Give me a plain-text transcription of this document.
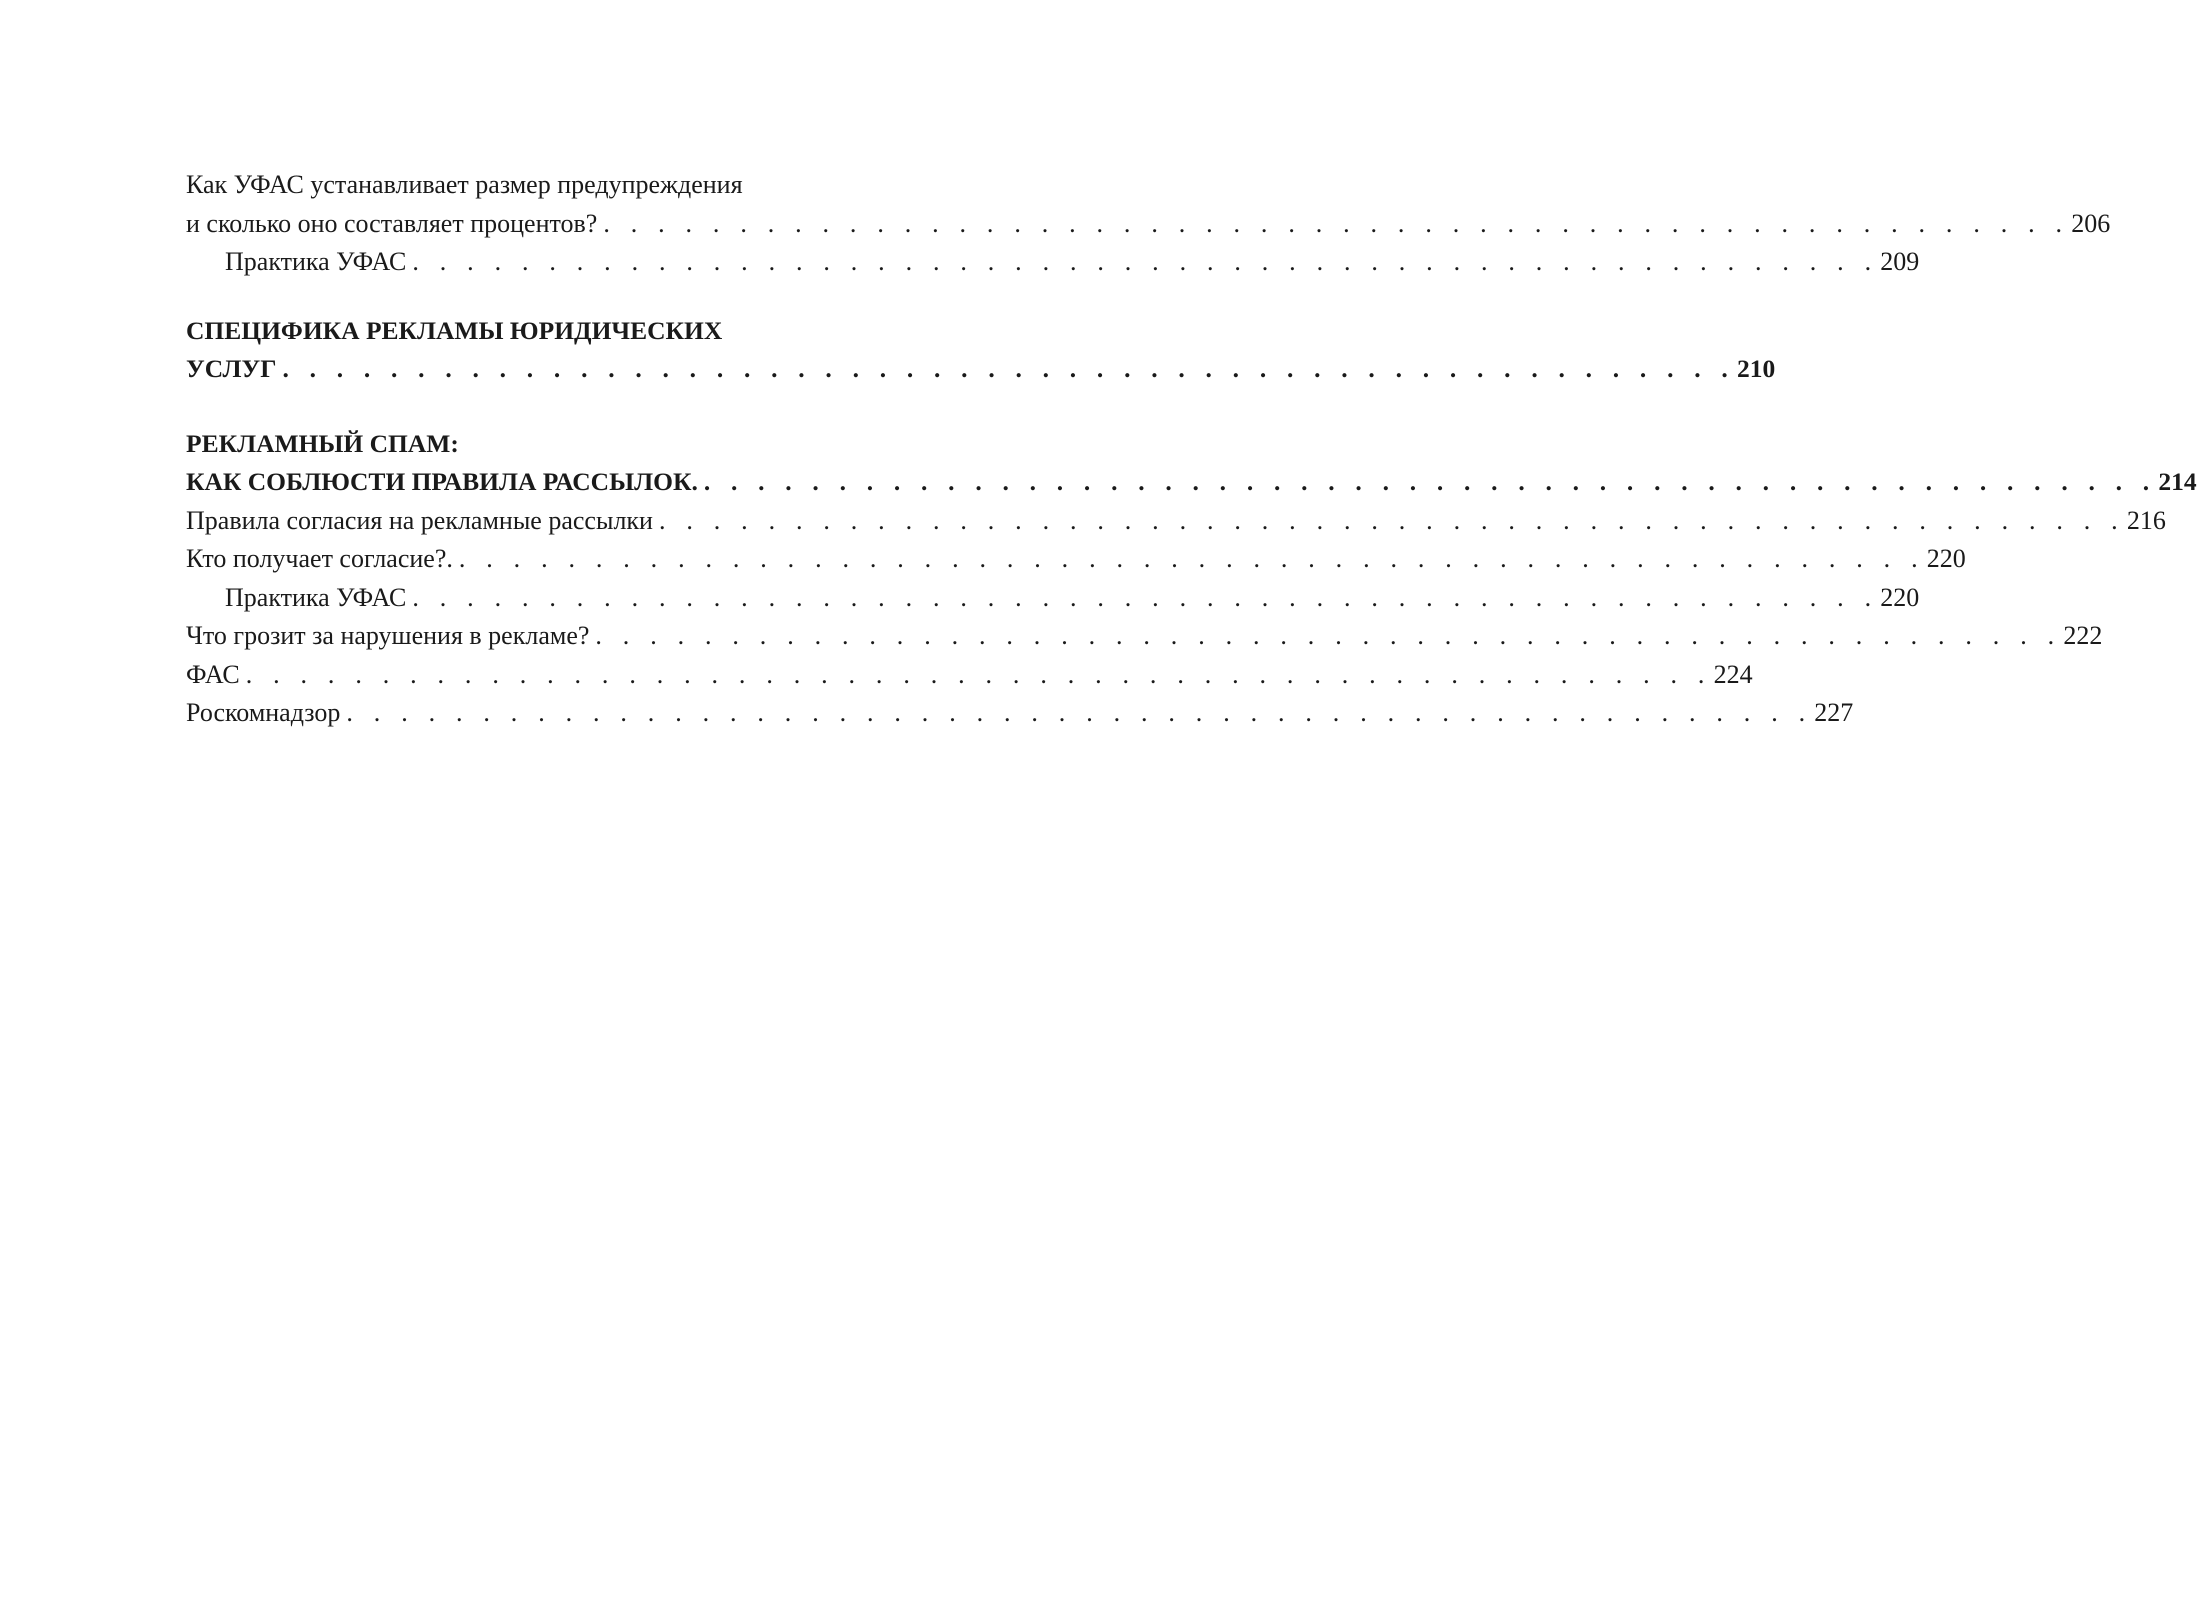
Как УФАС устанавливает размер предупреждения
и сколько оно составляет процентов? . . . . . . . . . . . . . . . . . . . . . . . . . . . . . . . . . . . . . . . . . . . . . . . . . . . . . . 206
Практика УФАС . . . . . . . . . . . . . . . . . . . . . . . . . . . . . . . . . . . . . . . . . . . . . . . . . . . . . . 209
СПЕЦИФИКА РЕКЛАМЫ ЮРИДИЧЕСКИХ
УСЛУГ . . . . . . . . . . . . . . . . . . . . . . . . . . . . . . . . . . . . . . . . . . . . . . . . . . . . . . 210
РЕКЛАМНЫЙ СПАМ:
КАК СОБЛЮСТИ ПРАВИЛА РАССЫЛОК. . . . . . . . . . . . . . . . . . . . . . . . . . . . . . . . . . . . . . . . . . . . . . . . . . . . . . . 214
Правила согласия на рекламные рассылки . . . . . . . . . . . . . . . . . . . . . . . . . . . . . . . . . . . . . . . . . . . . . . . . . . . . . . 216
Кто получает согласие?. . . . . . . . . . . . . . . . . . . . . . . . . . . . . . . . . . . . . . . . . . . . . . . . . . . . . . . 220
Практика УФАС . . . . . . . . . . . . . . . . . . . . . . . . . . . . . . . . . . . . . . . . . . . . . . . . . . . . . . 220
Что грозит за нарушения в рекламе? . . . . . . . . . . . . . . . . . . . . . . . . . . . . . . . . . . . . . . . . . . . . . . . . . . . . . . 222
ФАС . . . . . . . . . . . . . . . . . . . . . . . . . . . . . . . . . . . . . . . . . . . . . . . . . . . . . . 224
Роскомнадзор . . . . . . . . . . . . . . . . . . . . . . . . . . . . . . . . . . . . . . . . . . . . . . . . . . . . . . 227
